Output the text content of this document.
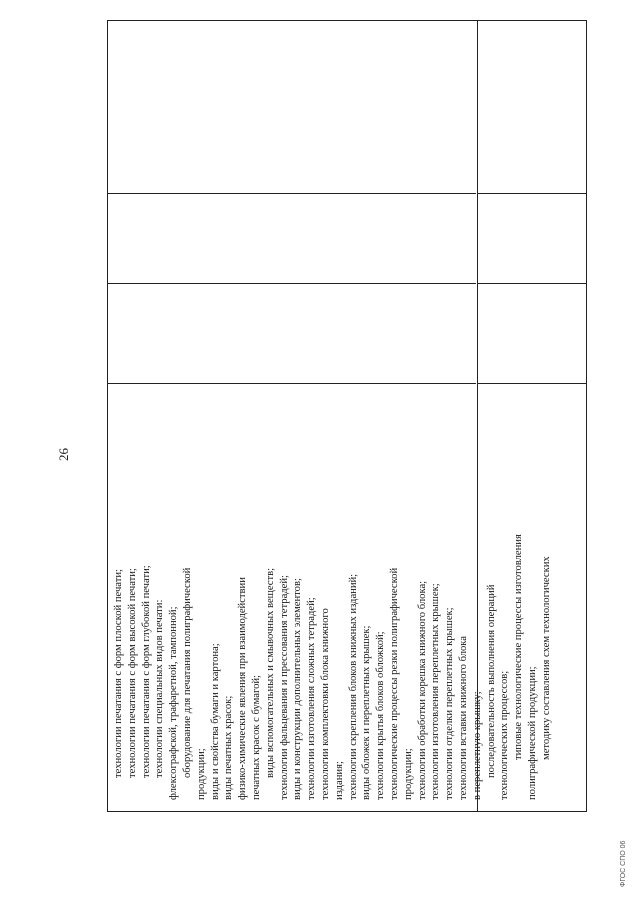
26
технологии печатания с форм плоской печати; технологии печатания с форм высокой печати; технологии печатания с форм глубокой печати; технологии специальных видов печати: флексографской, трафаретной, тампонной; оборудование для печатания полиграфической продукции; виды и свойства бумаги и картона; виды печатных красок; физико-химические явления при взаимодействии печатных красок с бумагой; виды вспомогательных и смывочных веществ; технологии фальцевания и прессования тетрадей; виды и конструкции дополнительных элементов; технологии изготовления сложных тетрадей; технологии комплектовки блока книжного издания; технологии скрепления блоков книжных изданий; виды обложек и переплетных крышек; технологии крытья блоков обложкой; технологические процессы резки полиграфической продукции; технологии обработки корешка книжного блока; технологии изготовления переплетных крышек; технологии отделки переплетных крышек; технологии вставки книжного блока в переплетную крышку; последовательность выполнения операций технологических процессов; типовые технологические процессы изготовления полиграфической продукции; методику составления схем технологических
ФГОС СПО 06
